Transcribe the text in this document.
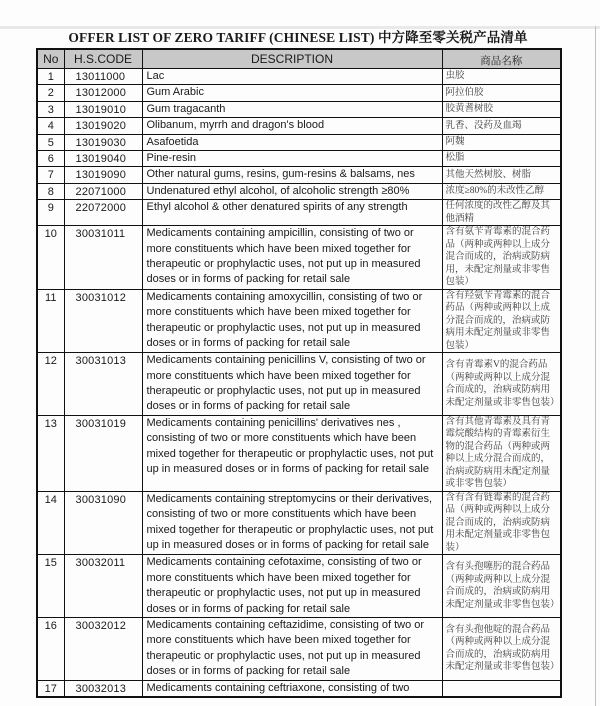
OFFER LIST OF ZERO TARIFF (CHINESE LIST) 中方降至零关税产品清单
No	H.S.CODE	DESCRIPTION	商品名称
1	13011000	Lac	虫胶
2	13012000	Gum Arabic	阿拉伯胶
3	13019010	Gum tragacanth	胶黄耆树胶
4	13019020	Olibanum, myrrh and dragon's blood	乳香、没药及血竭
5	13019030	Asafoetida	阿魏
6	13019040	Pine-resin	松脂
7	13019090	Other natural gums, resins, gum-resins & balsams, nes	其他天然树胶、树脂
8	22071000	Undenatured ethyl alcohol, of alcoholic strength ≥80%	浓度≥80%的未改性乙醇
9	22072000	Ethyl alcohol & other denatured spirits of any strength	任何浓度的改性乙醇及其他酒精
10	30031011	Medicaments containing ampicillin, consisting of two or more constituents which have been mixed together for therapeutic or prophylactic uses, not put up in measured doses or in forms of packing for retail sale	含有氨苄青霉素的混合药品（两种或两种以上成分混合而成的，治病或防病用，未配定剂量或非零售包装）
11	30031012	Medicaments containing amoxycillin, consisting of two or more constituents which have been mixed together for therapeutic or prophylactic uses, not put up in measured doses or in forms of packing for retail sale	含有羟氨苄青霉素的混合药品（两种或两种以上成分混合而成的，治病或防病用未配定剂量或非零售包装）
12	30031013	Medicaments containing penicillins V, consisting of two or more constituents which have been mixed together for therapeutic or prophylactic uses, not put up in measured doses or in forms of packing for retail sale	含有青霉素V的混合药品（两种或两种以上成分混合而成的，治病或防病用未配定剂量或非零售包装）
13	30031019	Medicaments containing penicillins' derivatives nes , consisting of two or more constituents which have been mixed together for therapeutic or prophylactic uses, not put up in measured doses or in forms of packing for retail sale	含有其他青霉素及具有青霉烷酸结构的青霉素衍生物的混合药品（两种或两种以上成分混合而成的，治病或防病用未配定剂量或非零售包装）
14	30031090	Medicaments containing streptomycins or their derivatives, consisting of two or more constituents which have been mixed together for therapeutic or prophylactic uses, not put up in measured doses or in forms of packing for retail sale	含有含有链霉素的混合药品（两种或两种以上成分混合而成的，治病或防病用未配定剂量或非零售包装）
15	30032011	Medicaments containing cefotaxime, consisting of two or more constituents which have been mixed together for therapeutic or prophylactic uses, not put up in measured doses or in forms of packing for retail sale	含有头孢噻肟的混合药品（两种或两种以上成分混合而成的，治病或防病用未配定剂量或非零售包装）
16	30032012	Medicaments containing ceftazidime, consisting of two or more constituents which have been mixed together for therapeutic or prophylactic uses, not put up in measured doses or in forms of packing for retail sale	含有头孢他啶的混合药品（两种或两种以上成分混合而成的，治病或防病用未配定剂量或非零售包装）
17	30032013	Medicaments containing ceftriaxone, consisting of two	
